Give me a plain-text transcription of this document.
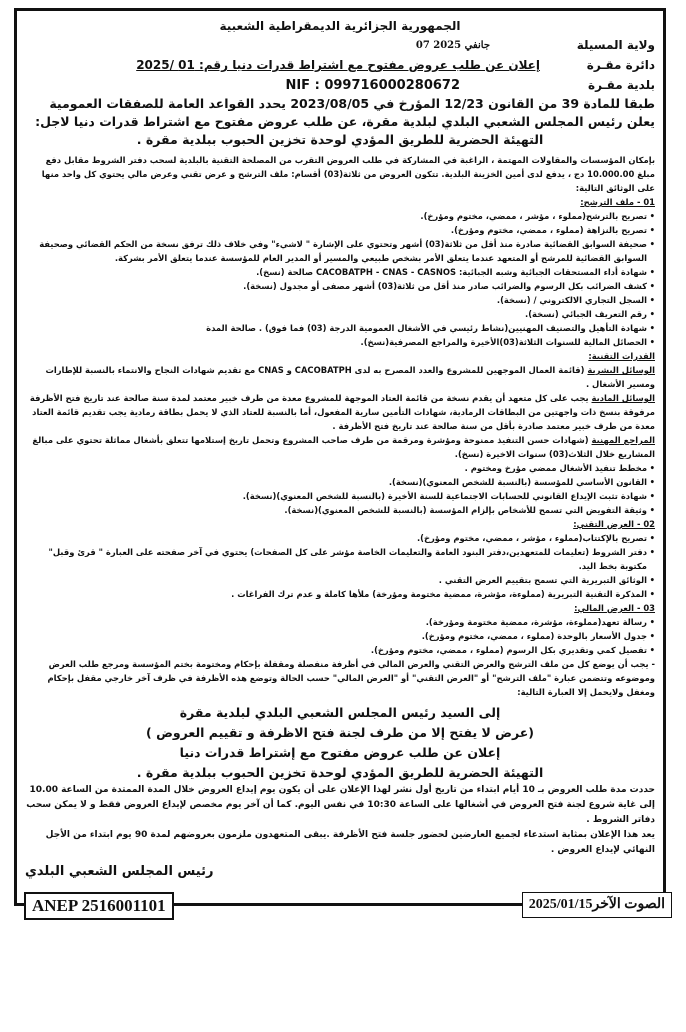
الجمهورية الجزائرية الديمقراطية الشعبية
ولاية المسيلة
07 جانفي 2025
دائرة مقـرة
إعلان عن طلب عروض مفتوح مع اشتراط قدرات دنيا رقم: 01 /2025
بلدية مقـرة
NIF : 099716000280672
طبقا للمادة 39 من القانون 12/23 المؤرخ في 2023/08/05 يحدد القواعد العامة للصفقات العمومية يعلن رئيس المجلس الشعبي البلدي لبلدية مقرة، عن طلب عروض مفتوح مع اشتراط قدرات دنيا لاجل:
التهيئة الحضرية للطريق المؤدي لوحدة تخزين الحبوب ببلدية مقرة .
بإمكان المؤسسات والمقاولات المهتمة ، الراغبة في المشاركة في طلب العروض التقرب من المصلحة التقنية بالبلدية لسحب دفتر الشروط مقابل دفع مبلغ 10.000.00 دج ، يدفع لدى أمين الخزينة البلدية. تتكون العروض من ثلاثة(03) أقسام: ملف الترشح و عرض تقني وعرض مالي يحتوي كل واحد منها على الوثائق التالية:
01 - ملف الترشح:
• تصريح بالترشح(مملوء ، مؤشر ، ممضي، مختوم ومؤرخ).
• تصريح بالنزاهة (مملوء ، ممضي، مختوم ومؤرخ).
• صحيفة السوابق القضائية صادرة منذ أقل من ثلاثة(03) أشهر وتحتوي على الإشارة " لاشيء" وفي خلاف ذلك ترفق نسخة من الحكم القضائي وصحيفة السوابق القضائية للمرشح أو المتعهد عندما يتعلق الأمر بشخص طبيعي والمسير أو المدير العام للمؤسسة عندما يتعلق الأمر بشركة.
• شهادة أداء المستحقات الجبائية وشبه الجبائية: CACOBATPH - CNAS - CASNOS صالحة (نسخ).
• كشف الضرائب بكل الرسوم والضرائب صادر منذ أقل من ثلاثة(03) أشهر مصفى أو مجدول (نسخة).
• السجل التجاري الالكتروني / (نسخة).
• رقم التعريف الجبائي (نسخة).
• شهادة التأهيل والتصنيف المهنيين(نشاط رئيسي في الأشغال العمومية الدرجة (03) فما فوق) . صالحة المدة
• الحصائل المالية للسنوات الثلاثة(03)الأخيرة والمراجع المصرفية(نسخ).
القدرات التقنية:
الوسائل البشرية (قائمة العمال الموجهين للمشروع والعدد المصرح به لدى CACOBATPH و CNAS مع تقديم شهادات النجاح والانتماء بالنسبة للإطارات ومسير الأشغال .
الوسائل المادية يجب على كل متعهد أن يقدم نسخة من قائمة العتاد الموجهة للمشروع معدة من طرف خبير معتمد لمدة سنة صالحة عند تاريخ فتح الأظرفة مرفوقة بنسخ ذات واجهتين من البطاقات الرمادية، شهادات التأمين سارية المفعول، أما بالنسبة للعتاد الذي لا يحمل بطاقة رمادية يجب تقديم قائمة العتاد معدة من طرف خبير معتمد صادرة بأقل من سنة صالحة عند تاريخ فتح الأظرفة .
المراجع المهنية (شهادات حسن التنفيذ ممنوحة ومؤشرة ومرقمة من طرف صاحب المشروع وتحمل تاريخ إستلامها تتعلق بأشغال مماثلة تحتوي على مبالغ المشاريع خلال الثلاث(03) سنوات الاخيرة (نسخ).
• مخطط تنفيذ الأشغال ممضي مؤرخ ومختوم .
• القانون الأساسي للمؤسسة (بالنسبة للشخص المعنوي)(نسخة).
• شهادة تثبت الإيداع القانوني للحسابات الاجتماعية للسنة الأخيرة (بالنسبة للشخص المعنوي)(نسخة).
• وثيقة التفويض التي تسمح للأشخاص بإلزام المؤسسة (بالنسبة للشخص المعنوي)(نسخة).
02 - العرض التقني:
• تصريح بالإكتتاب(مملوء ، مؤشر ، ممضي، مختوم ومؤرخ).
• دفتر الشروط (تعليمات للمتعهدين،دفتر البنود العامة والتعليمات الخاصة مؤشر على كل الصفحات) يحتوي في آخر صفحته على العبارة " قرئ وقبل" مكتوبة بخط اليد.
• الوثائق التبريرية التي تسمح بتقييم العرض التقني .
• المذكرة التقنية التبريرية (مملوءة، مؤشرة، ممضية مختومة ومؤرخة) ملأها كاملة و عدم ترك الفراغات .
03 - العرض المالي:
• رسالة تعهد(مملوءة، مؤشرة، ممضية مختومة ومؤرخة).
• جدول الأسعار بالوحدة (مملوء ، ممضي، مختوم ومؤرخ).
• تفصيل كمي وتقديري بكل الرسوم (مملوء ، ممضي، مختوم ومؤرخ).
- يجب أن يوضع كل من ملف الترشح والعرض التقني والعرض المالي في أظرفة منفصلة ومقفلة بإحكام ومختومة بختم المؤسسة ومرجع طلب العرض وموضوعه وتتضمن عبارة "ملف الترشح" أو "العرض التقني" أو "العرض المالي" حسب الحالة وتوضع هذه الأظرفة في ظرف آخر خارجي مقفل بإحكام ومغفل ولايحمل إلا العبارة التالية:
إلى السيد رئيس المجلس الشعبي البلدي لبلدية مقرة
(عرض لا يفتح إلا من طرف لجنة فتح الاظرفة و تقييم العروض )
إعلان عن طلب عروض مفتوح مع إشتراط قدرات دنيا
التهيئة الحضرية للطريق المؤدي لوحدة تخزين الحبوب ببلدية مقرة .
حددت مدة طلب العروض بـ 10 أيام ابتداء من تاريخ أول نشر لهذا الإعلان على أن يكون يوم إيداع العروض خلال المدة الممتدة من الساعة 10.00 إلى غاية شروع لجنة فتح العروض في أشغالها على الساعة 10:30 في نفس اليوم. كما أن آخر يوم مخصص لإيداع العروض فقط و لا يمكن سحب دفاتر الشروط .
يعد هذا الإعلان بمثابة استدعاء لجميع العارضين لحضور جلسة فتح الأظرفة .يبقى المتعهدون ملزمون بعروضهم لمدة 90 يوم ابتداء من الأجل النهائي لإيداع العروض .
رئيس المجلس الشعبي البلدي
ANEP 2516001101	الصوت الآخر2025/01/15
